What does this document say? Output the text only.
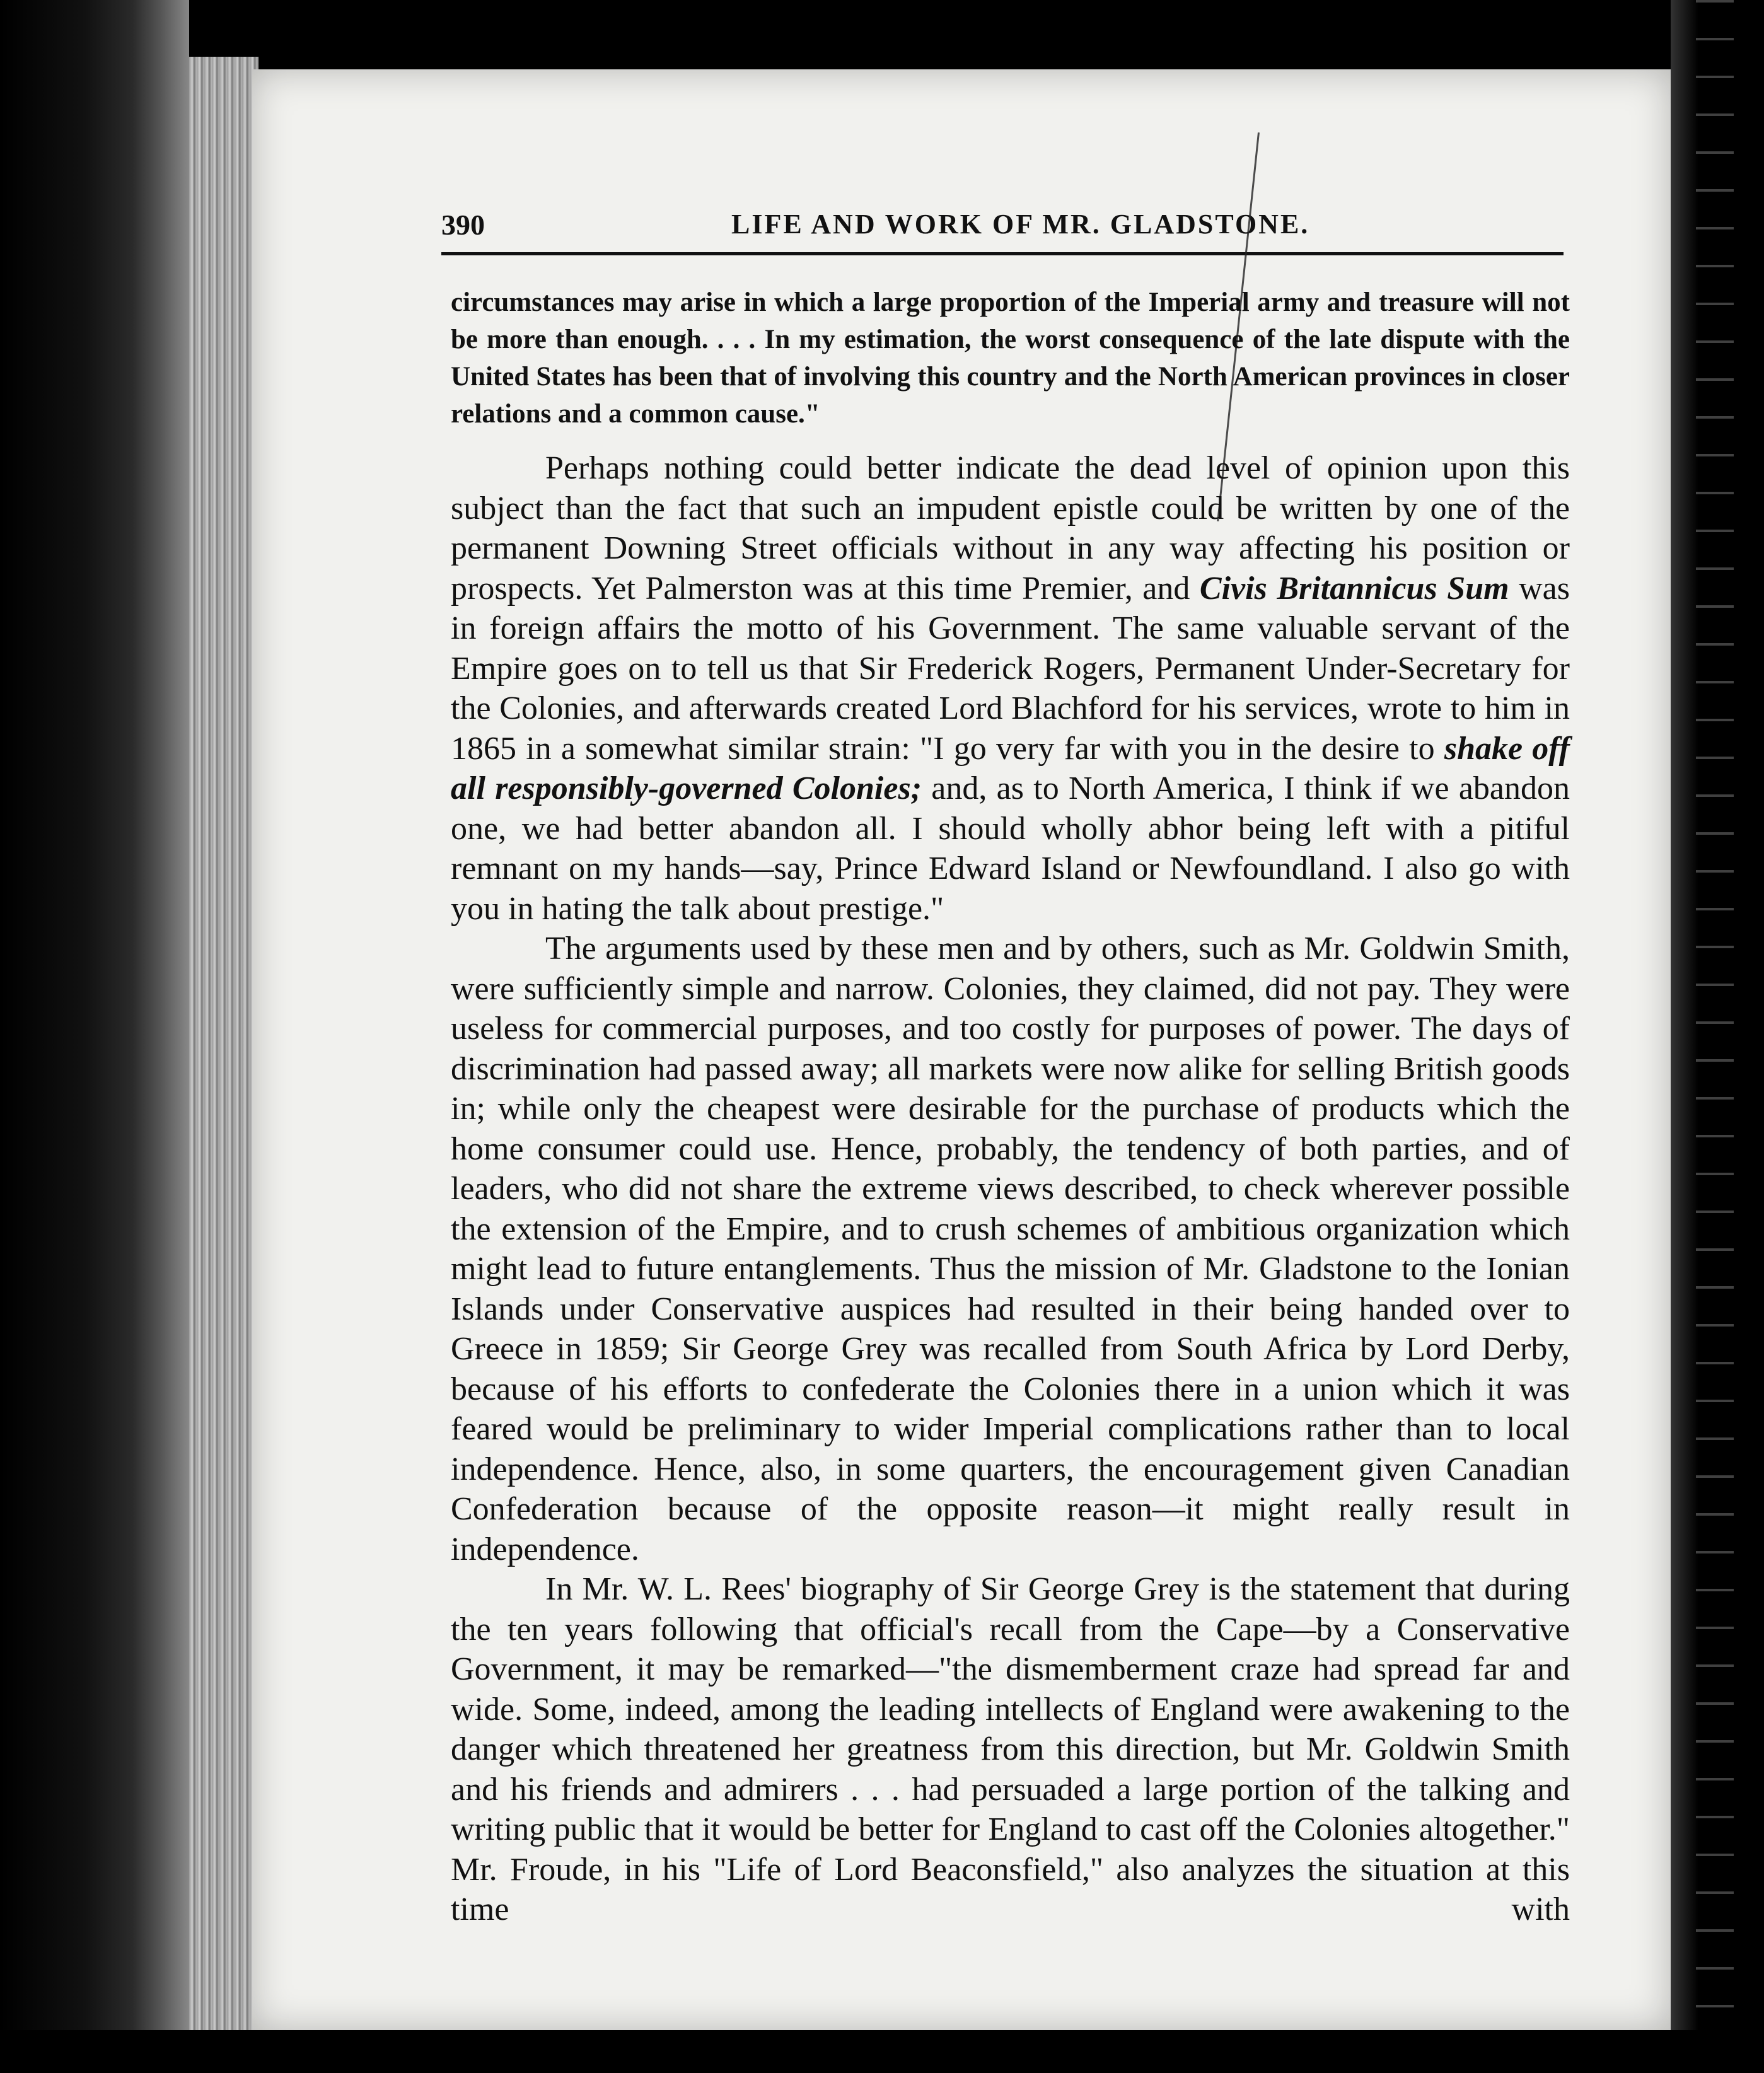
390	LIFE AND WORK OF MR. GLADSTONE.

circumstances may arise in which a large proportion of the Imperial army and treasure will not be more than enough. . . . In my estimation, the worst consequence of the late dispute with the United States has been that of involving this country and the North American provinces in closer relations and a common cause."

Perhaps nothing could better indicate the dead level of opinion upon this subject than the fact that such an impudent epistle could be written by one of the permanent Downing Street officials without in any way affecting his position or prospects. Yet Palmerston was at this time Premier, and Civis Britannicus Sum was in foreign affairs the motto of his Government. The same valuable servant of the Empire goes on to tell us that Sir Frederick Rogers, Permanent Under-Secretary for the Colonies, and afterwards created Lord Blachford for his services, wrote to him in 1865 in a somewhat similar strain: "I go very far with you in the desire to shake off all responsibly-governed Colonies; and, as to North America, I think if we abandon one, we had better abandon all. I should wholly abhor being left with a pitiful remnant on my hands—say, Prince Edward Island or Newfoundland. I also go with you in hating the talk about prestige."

The arguments used by these men and by others, such as Mr. Goldwin Smith, were sufficiently simple and narrow. Colonies, they claimed, did not pay. They were useless for commercial purposes, and too costly for purposes of power. The days of discrimination had passed away; all markets were now alike for selling British goods in; while only the cheapest were desirable for the purchase of products which the home consumer could use. Hence, probably, the tendency of both parties, and of leaders, who did not share the extreme views described, to check wherever possible the extension of the Empire, and to crush schemes of ambitious organization which might lead to future entanglements. Thus the mission of Mr. Gladstone to the Ionian Islands under Conservative auspices had resulted in their being handed over to Greece in 1859; Sir George Grey was recalled from South Africa by Lord Derby, because of his efforts to confederate the Colonies there in a union which it was feared would be preliminary to wider Imperial complications rather than to local independence. Hence, also, in some quarters, the encouragement given Canadian Confederation because of the opposite reason—it might really result in independence.

In Mr. W. L. Rees' biography of Sir George Grey is the statement that during the ten years following that official's recall from the Cape—by a Conservative Government, it may be remarked—"the dismemberment craze had spread far and wide. Some, indeed, among the leading intellects of England were awakening to the danger which threatened her greatness from this direction, but Mr. Goldwin Smith and his friends and admirers . . . had persuaded a large portion of the talking and writing public that it would be better for England to cast off the Colonies altogether." Mr. Froude, in his "Life of Lord Beaconsfield," also analyzes the situation at this time with
